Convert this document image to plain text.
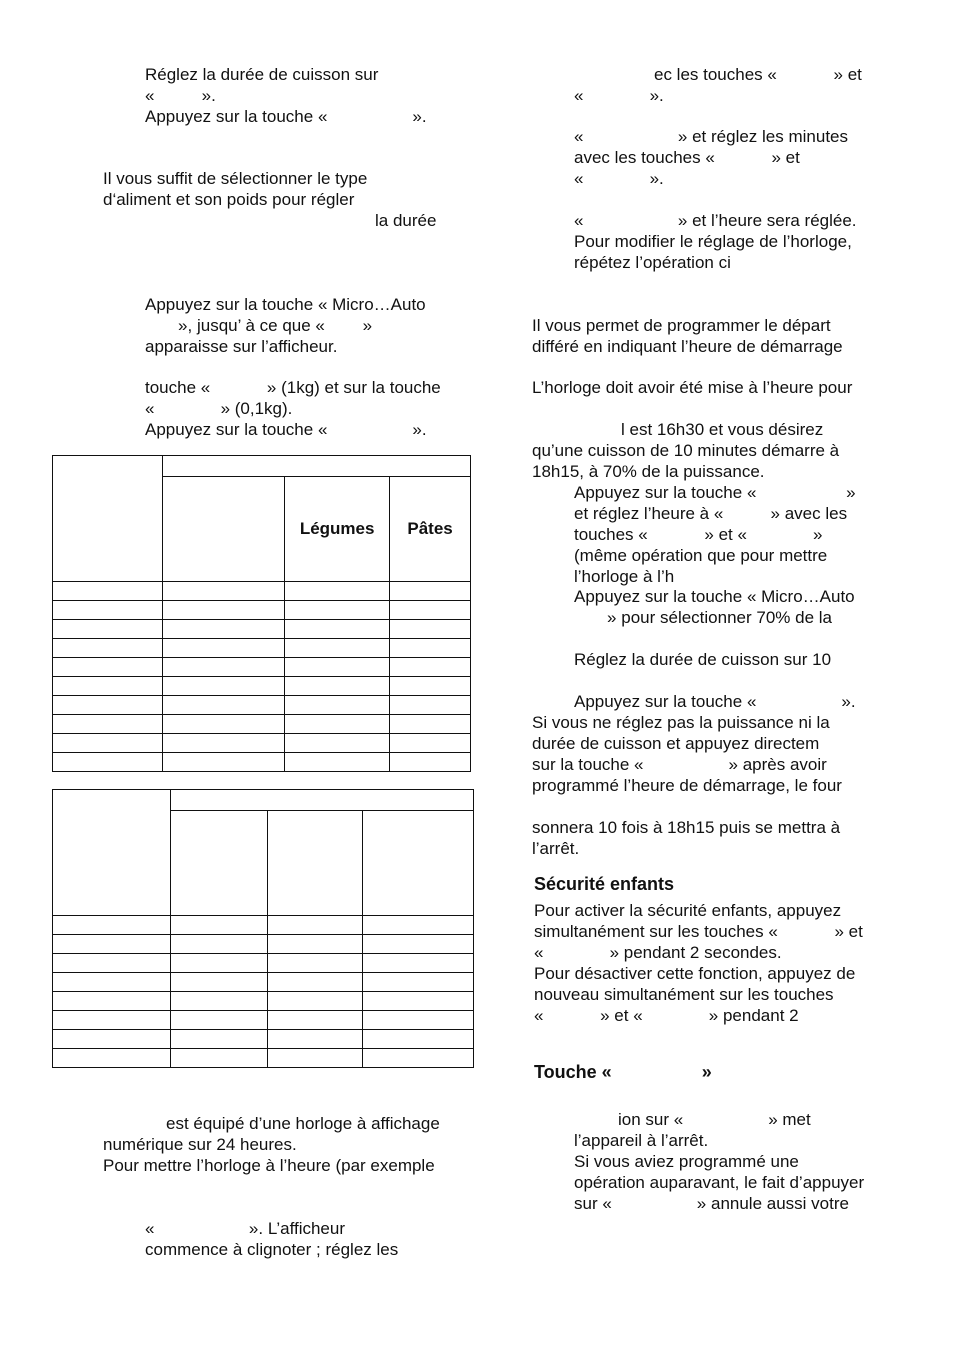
Réglez la durée de cuisson sur
«          ».
Appuyez sur la touche «                  ».
Il vous suffit de sélectionner le type
d‘aliment et son poids pour régler
la durée
Appuyez sur la touche « Micro…Auto
», jusqu’ à ce que «        »
apparaisse sur l’afficheur.
touche «            » (1kg) et sur la touche
«              » (0,1kg).
Appuyez sur la touche «                  ».

		Légumes	Pâtes

est équipé d’une horloge à affichage
numérique sur 24 heures.
Pour mettre l’horloge à l’heure (par exemple
«                    ». L’afficheur
commence à clignoter ; réglez les
ec les touches «            » et
«              ».
«                    » et réglez les minutes
avec les touches «            » et
«              ».
«                    » et l’heure sera réglée.
Pour modifier le réglage de l’horloge,
répétez l’opération ci
Il vous permet de programmer le départ
différé en indiquant l’heure de démarrage
L’horloge doit avoir été mise à l’heure pour
l est 16h30 et vous désirez
qu’une cuisson de 10 minutes démarre à
18h15, à 70% de la puissance.
Appuyez sur la touche «                   »
et réglez l’heure à «          » avec les
touches «            » et «              »
(même opération que pour mettre
l’horloge à l’h
Appuyez sur la touche « Micro…Auto
» pour sélectionner 70% de la
Réglez la durée de cuisson sur 10
Appuyez sur la touche «                  ».
Si vous ne réglez pas la puissance ni la
durée de cuisson et appuyez directem
sur la touche «                  » après avoir
programmé l’heure de démarrage, le four
sonnera 10 fois à 18h15 puis se mettra à
l’arrêt.
Sécurité enfants
Pour activer la sécurité enfants, appuyez
simultanément sur les touches «            » et
«              » pendant 2 secondes.
Pour désactiver cette fonction, appuyez de
nouveau simultanément sur les touches
«            » et «              » pendant 2
Touche «                  »
ion sur «                  » met
l’appareil à l’arrêt.
Si vous aviez programmé une
opération auparavant, le fait d’appuyer
sur «                  » annule aussi votre
